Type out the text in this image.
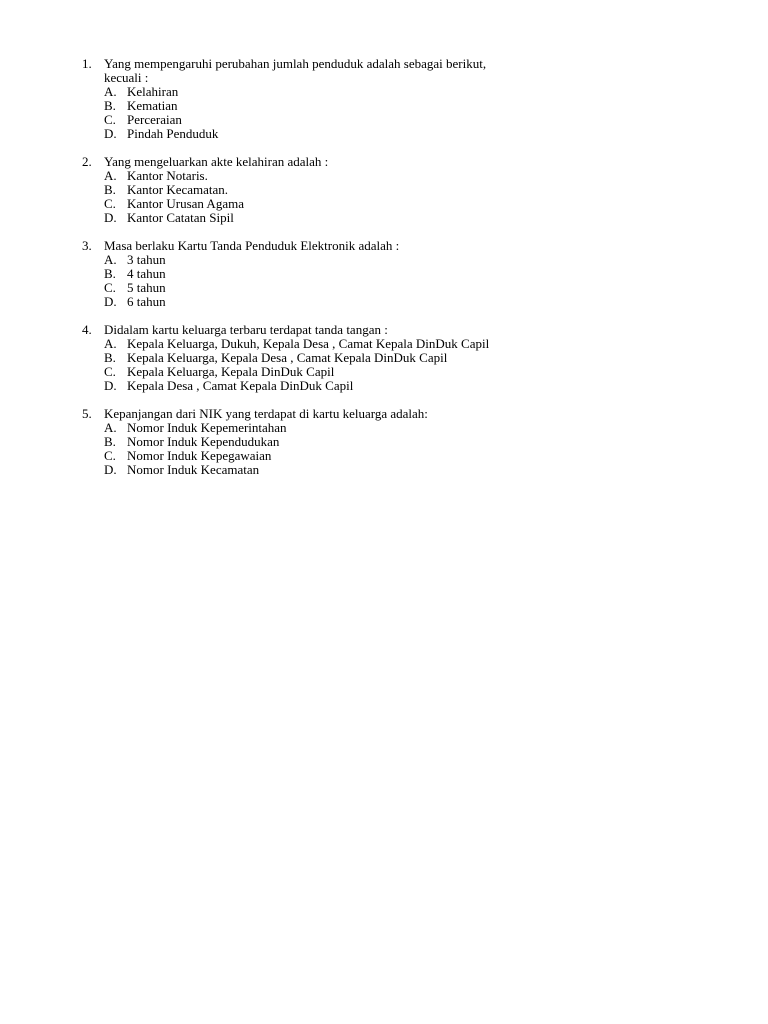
1. Yang mempengaruhi perubahan jumlah penduduk adalah sebagai berikut,
kecuali :
A. Kelahiran
B. Kematian
C. Perceraian
D. Pindah Penduduk
2. Yang mengeluarkan akte kelahiran adalah :
A. Kantor Notaris.
B. Kantor Kecamatan.
C. Kantor Urusan Agama
D. Kantor Catatan Sipil
3. Masa berlaku Kartu Tanda Penduduk Elektronik adalah :
A. 3 tahun
B. 4 tahun
C. 5 tahun
D. 6 tahun
4. Didalam kartu keluarga terbaru terdapat tanda tangan :
A. Kepala Keluarga, Dukuh, Kepala Desa , Camat Kepala DinDuk Capil
B. Kepala Keluarga, Kepala Desa , Camat Kepala DinDuk Capil
C. Kepala Keluarga, Kepala DinDuk Capil
D. Kepala Desa , Camat Kepala DinDuk Capil
5. Kepanjangan dari NIK yang terdapat di kartu keluarga adalah:
A. Nomor Induk Kepemerintahan
B. Nomor Induk Kependudukan
C. Nomor Induk Kepegawaian
D. Nomor Induk Kecamatan
